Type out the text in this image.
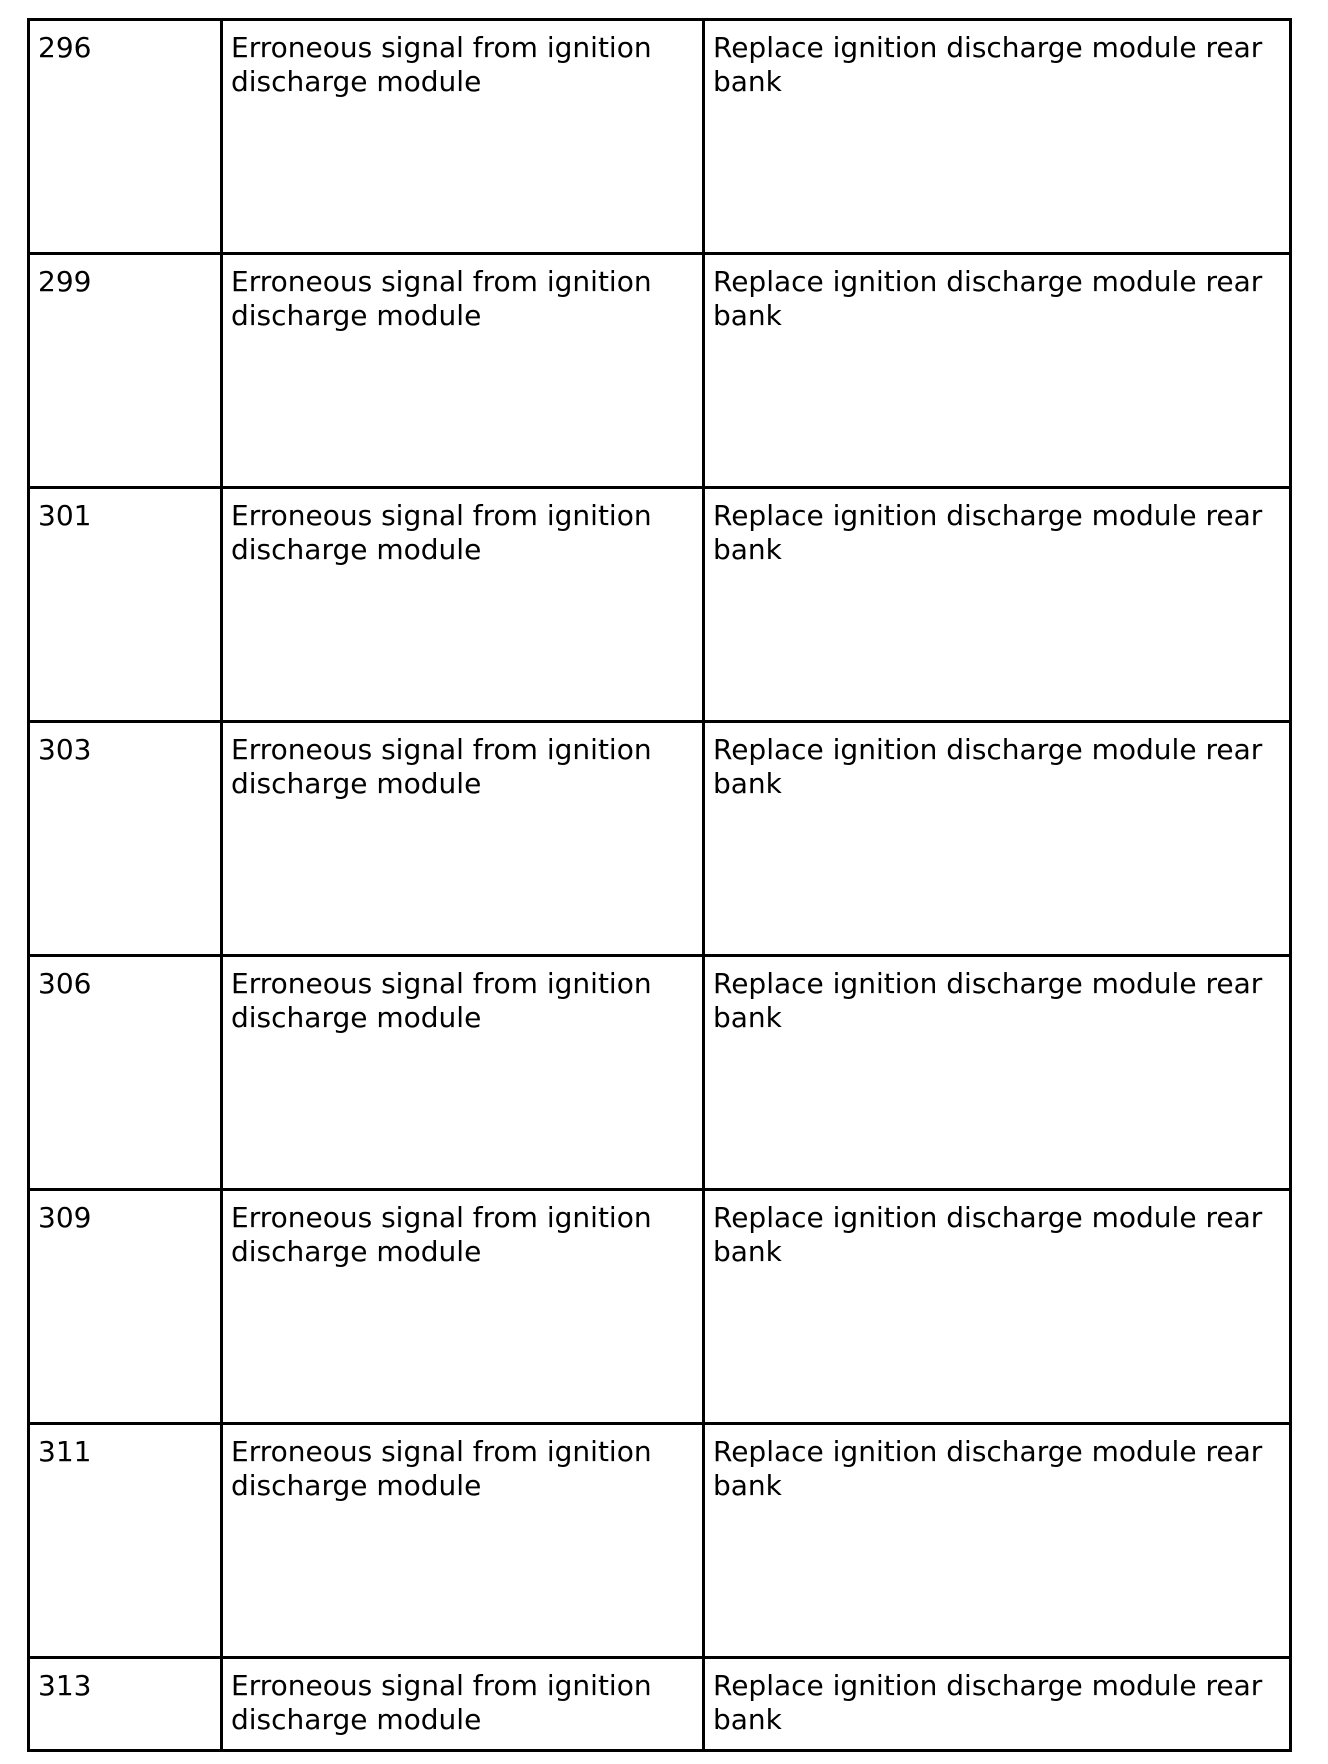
296	Erroneous signal from ignition discharge module	Replace ignition discharge module rear bank
299	Erroneous signal from ignition discharge module	Replace ignition discharge module rear bank
301	Erroneous signal from ignition discharge module	Replace ignition discharge module rear bank
303	Erroneous signal from ignition discharge module	Replace ignition discharge module rear bank
306	Erroneous signal from ignition discharge module	Replace ignition discharge module rear bank
309	Erroneous signal from ignition discharge module	Replace ignition discharge module rear bank
311	Erroneous signal from ignition discharge module	Replace ignition discharge module rear bank
313	Erroneous signal from ignition discharge module	Replace ignition discharge module rear bank
